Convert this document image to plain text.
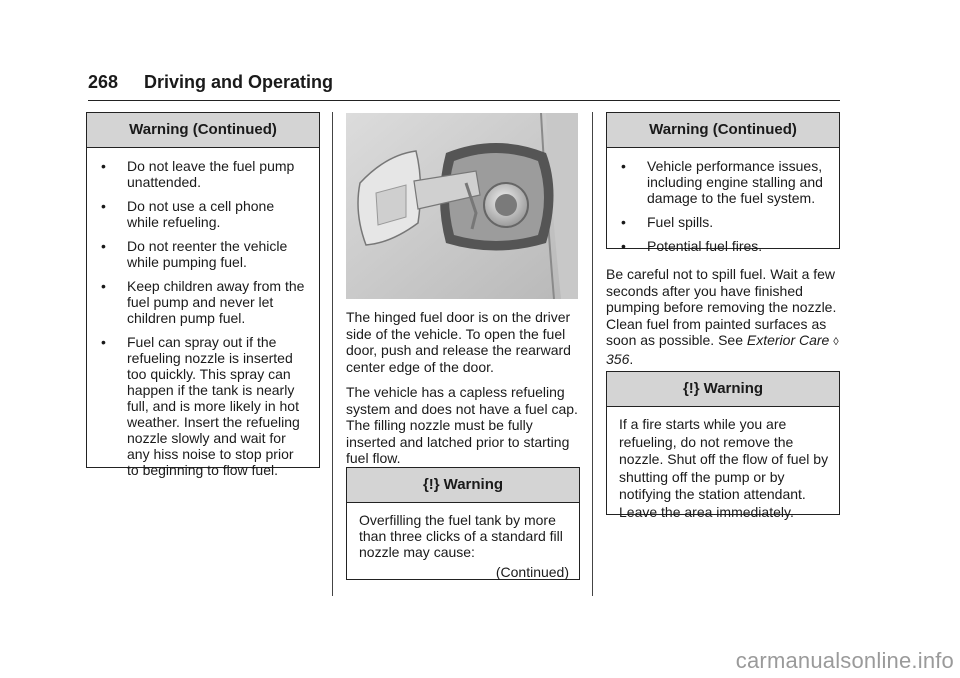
268 Driving and Operating
Warning (Continued)
•	Do not leave the fuel pump unattended.
•	Do not use a cell phone while refueling.
•	Do not reenter the vehicle while pumping fuel.
•	Keep children away from the fuel pump and never let children pump fuel.
•	Fuel can spray out if the refueling nozzle is inserted too quickly. This spray can happen if the tank is nearly full, and is more likely in hot weather. Insert the refueling nozzle slowly and wait for any hiss noise to stop prior to beginning to flow fuel.

The hinged fuel door is on the driver side of the vehicle. To open the fuel door, push and release the rearward center edge of the door.

The vehicle has a capless refueling system and does not have a fuel cap. The filling nozzle must be fully inserted and latched prior to starting fuel flow.

{!} Warning
Overfilling the fuel tank by more than three clicks of a standard fill nozzle may cause:
(Continued)
Warning (Continued)
•	Vehicle performance issues, including engine stalling and damage to the fuel system.
•	Fuel spills.
•	Potential fuel fires.

Be careful not to spill fuel. Wait a few seconds after you have finished pumping before removing the nozzle. Clean fuel from painted surfaces as soon as possible. See Exterior Care ◊ 356.

{!} Warning
If a fire starts while you are refueling, do not remove the nozzle. Shut off the flow of fuel by shutting off the pump or by notifying the station attendant. Leave the area immediately.
carmanualsonline.info
